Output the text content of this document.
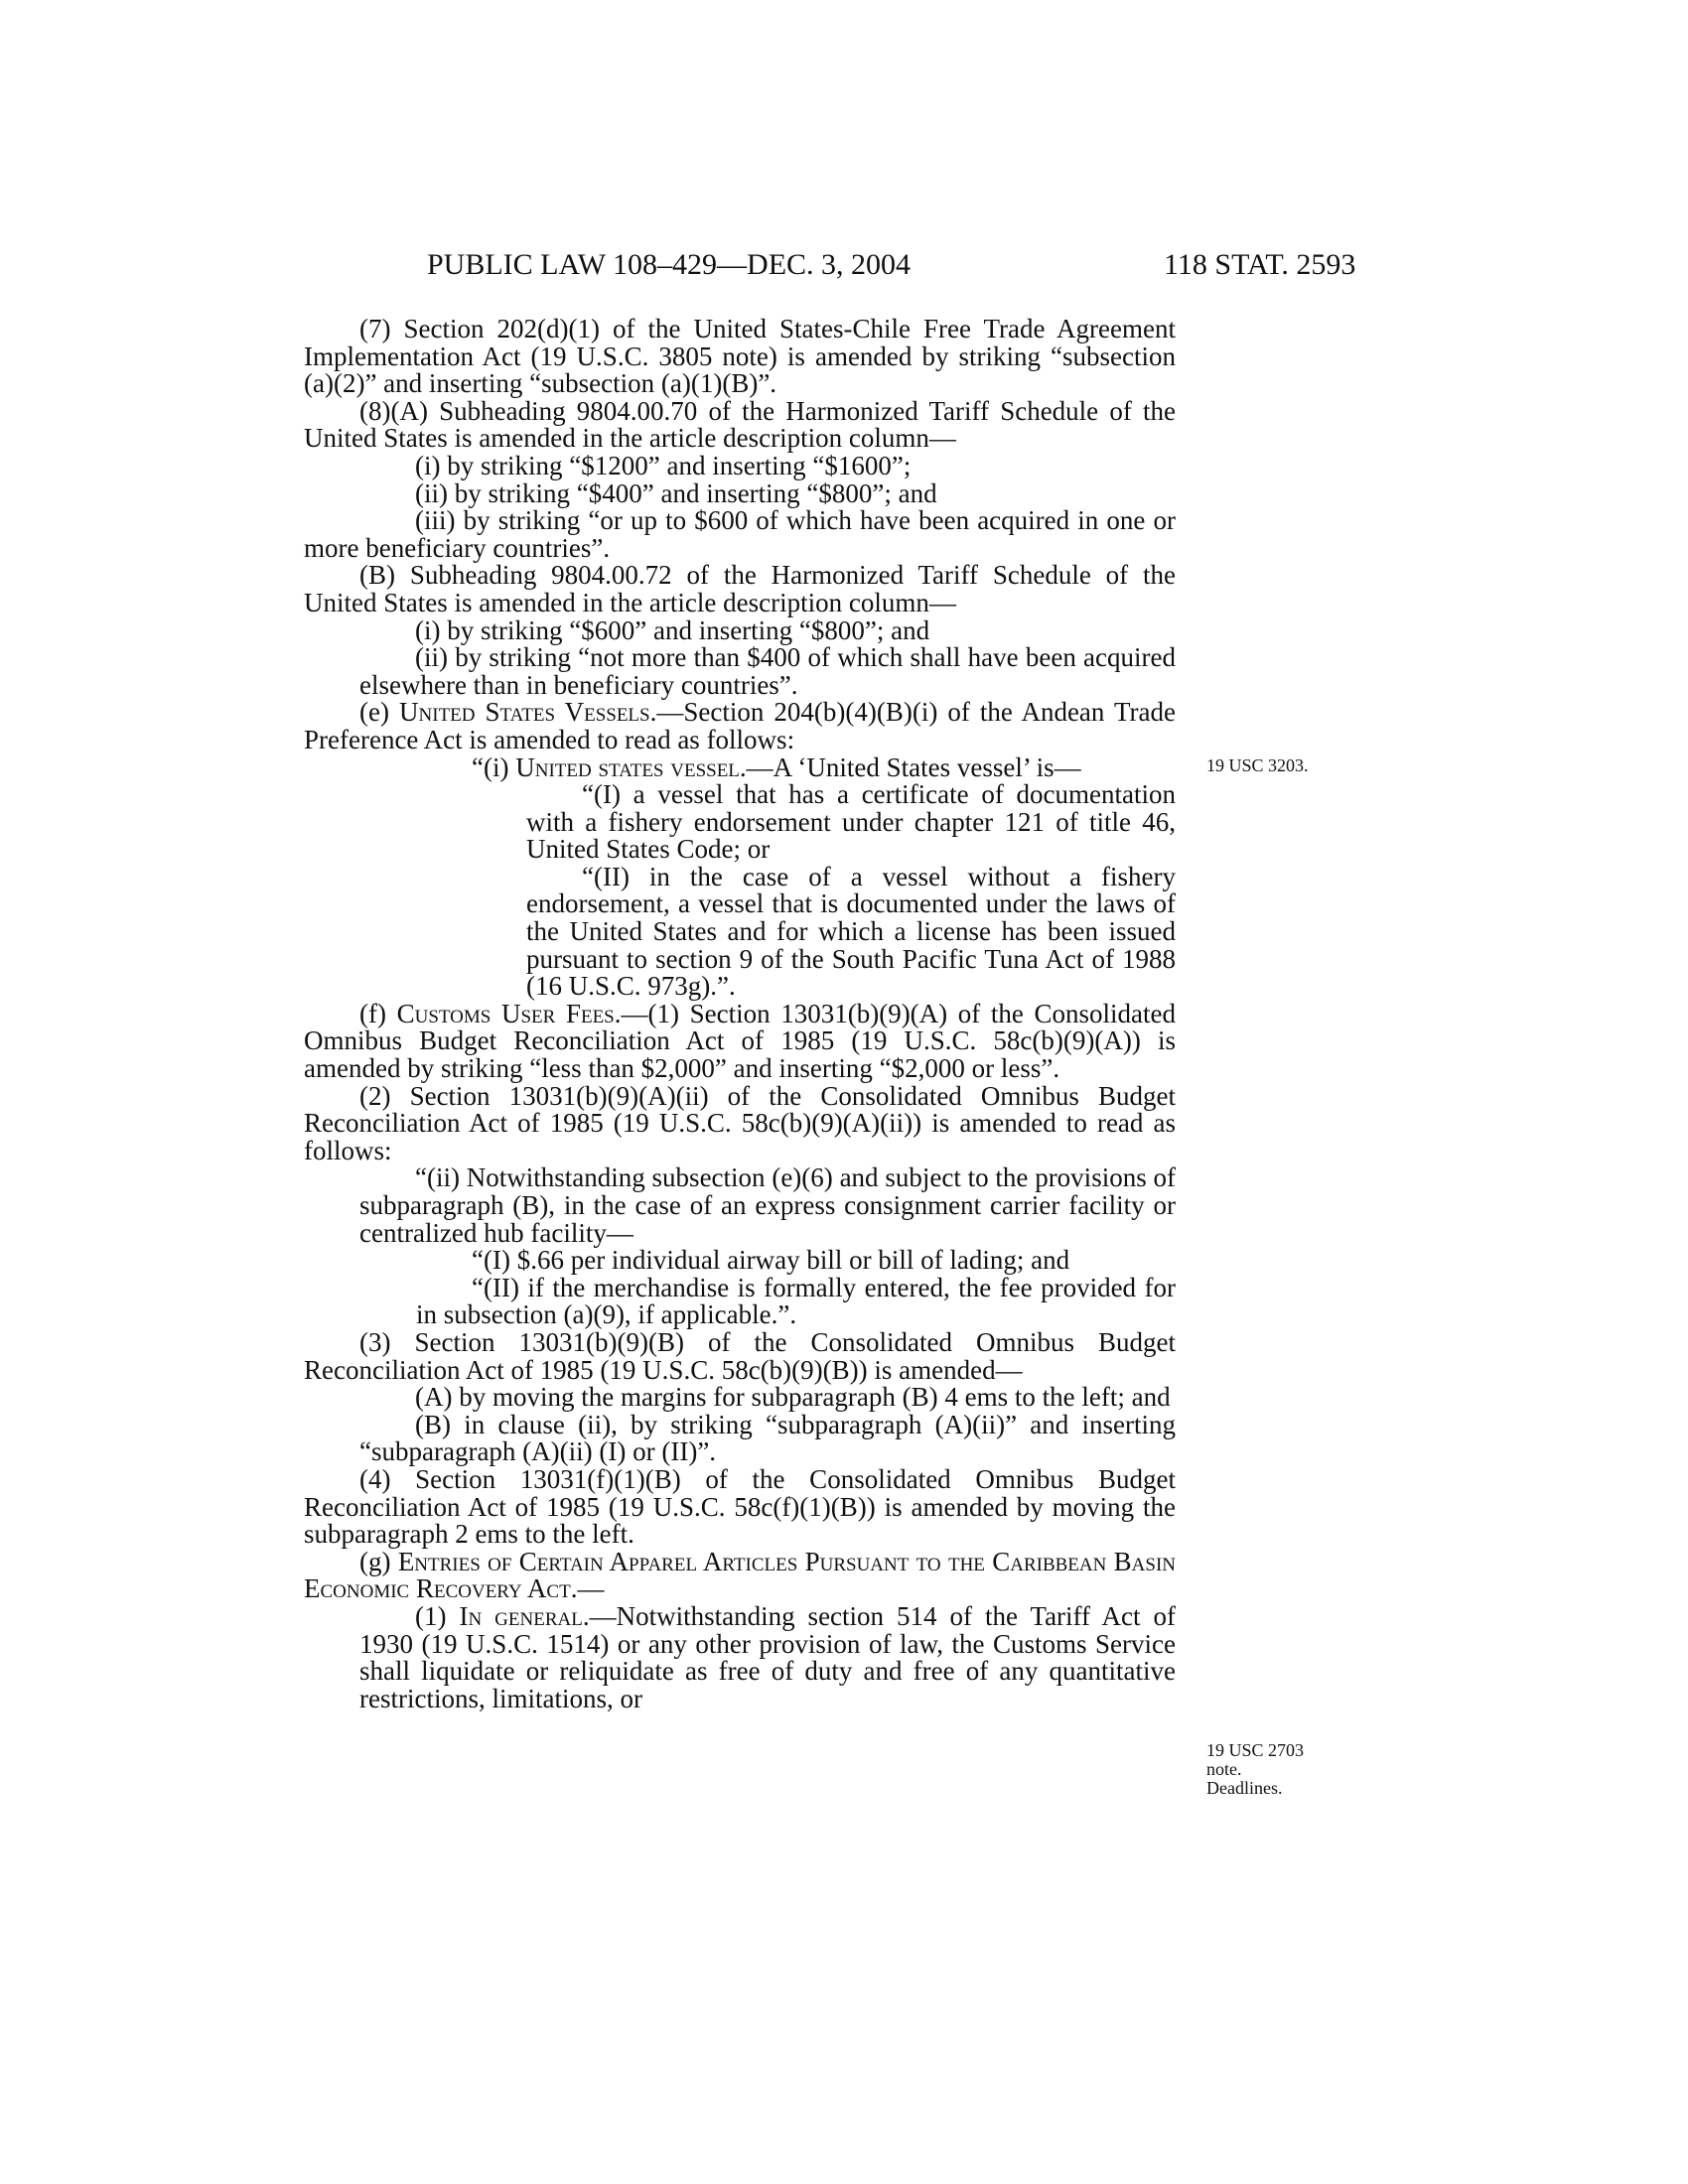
PUBLIC LAW 108–429—DEC. 3, 2004	118 STAT. 2593
19 USC 3203.
19 USC 2703
note.
Deadlines.

(7) Section 202(d)(1) of the United States-Chile Free Trade Agreement Implementation Act (19 U.S.C. 3805 note) is amended by striking “subsection (a)(2)” and inserting “subsection (a)(1)(B)”.

(8)(A) Subheading 9804.00.70 of the Harmonized Tariff Schedule of the United States is amended in the article description column—

(i) by striking “$1200” and inserting “$1600”;

(ii) by striking “$400” and inserting “$800”; and

(iii) by striking “or up to $600 of which have been acquired in one or more beneficiary countries”.

(B) Subheading 9804.00.72 of the Harmonized Tariff Schedule of the United States is amended in the article description column—

(i) by striking “$600” and inserting “$800”; and

(ii) by striking “not more than $400 of which shall have been acquired elsewhere than in beneficiary countries”.

(e) United States Vessels.—Section 204(b)(4)(B)(i) of the Andean Trade Preference Act is amended to read as follows:

“(i) United states vessel.—A ‘United States vessel’ is—

“(I) a vessel that has a certificate of documentation with a fishery endorsement under chapter 121 of title 46, United States Code; or

“(II) in the case of a vessel without a fishery endorsement, a vessel that is documented under the laws of the United States and for which a license has been issued pursuant to section 9 of the South Pacific Tuna Act of 1988 (16 U.S.C. 973g).”.

(f) Customs User Fees.—(1) Section 13031(b)(9)(A) of the Consolidated Omnibus Budget Reconciliation Act of 1985 (19 U.S.C. 58c(b)(9)(A)) is amended by striking “less than $2,000” and inserting “$2,000 or less”.

(2) Section 13031(b)(9)(A)(ii) of the Consolidated Omnibus Budget Reconciliation Act of 1985 (19 U.S.C. 58c(b)(9)(A)(ii)) is amended to read as follows:

“(ii) Notwithstanding subsection (e)(6) and subject to the provisions of subparagraph (B), in the case of an express consignment carrier facility or centralized hub facility—

“(I) $.66 per individual airway bill or bill of lading; and

“(II) if the merchandise is formally entered, the fee provided for in subsection (a)(9), if applicable.”.

(3) Section 13031(b)(9)(B) of the Consolidated Omnibus Budget Reconciliation Act of 1985 (19 U.S.C. 58c(b)(9)(B)) is amended—

(A) by moving the margins for subparagraph (B) 4 ems to the left; and

(B) in clause (ii), by striking “subparagraph (A)(ii)” and inserting “subparagraph (A)(ii) (I) or (II)”.

(4) Section 13031(f)(1)(B) of the Consolidated Omnibus Budget Reconciliation Act of 1985 (19 U.S.C. 58c(f)(1)(B)) is amended by moving the subparagraph 2 ems to the left.

(g) Entries of Certain Apparel Articles Pursuant to the Caribbean Basin Economic Recovery Act.—

(1) In general.—Notwithstanding section 514 of the Tariff Act of 1930 (19 U.S.C. 1514) or any other provision of law, the Customs Service shall liquidate or reliquidate as free of duty and free of any quantitative restrictions, limitations, or
